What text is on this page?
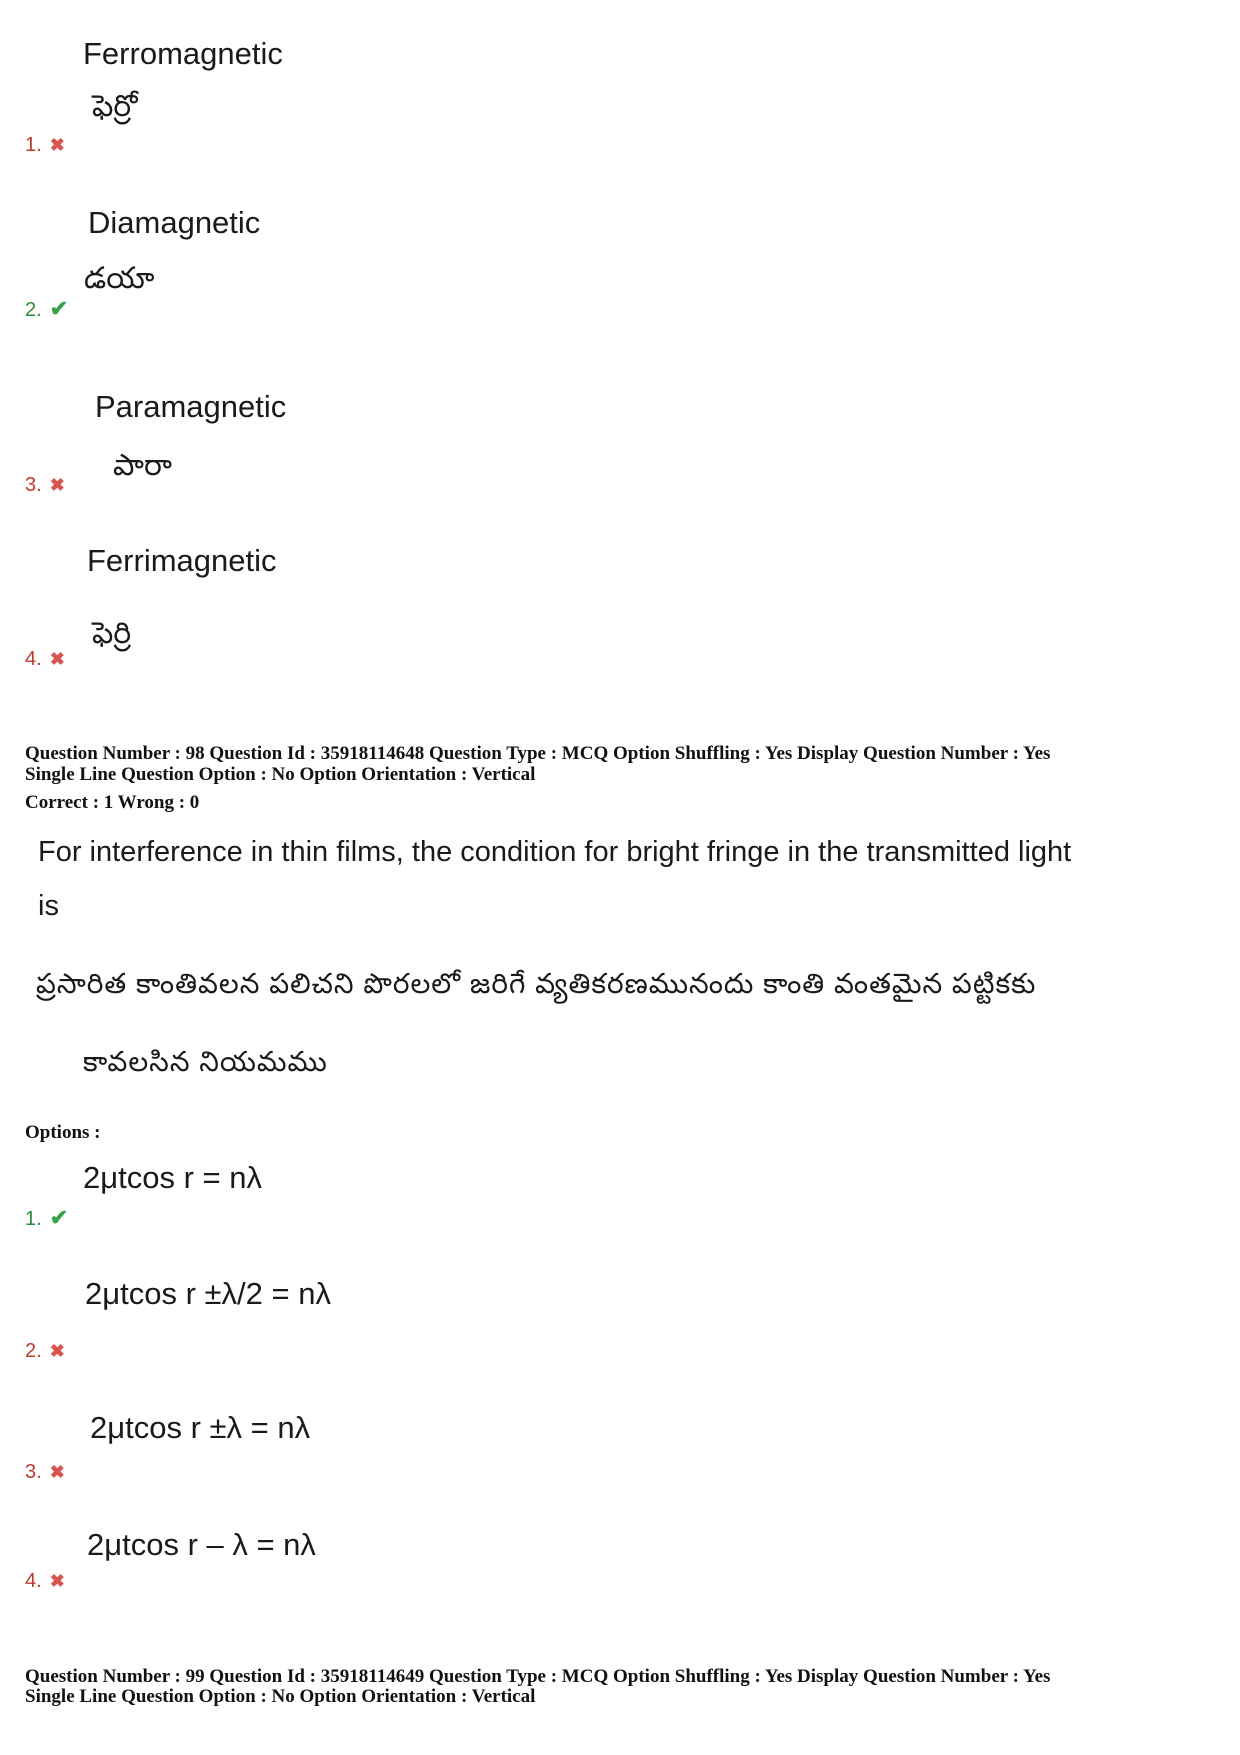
Ferromagnetic
ఫెర్రో
1. ✖
Diamagnetic
డయా
2. ✔
Paramagnetic
పారా
3. ✖
Ferrimagnetic
ఫెర్రి
4. ✖
Question Number : 98 Question Id : 35918114648 Question Type : MCQ Option Shuffling : Yes Display Question Number : Yes
Single Line Question Option : No Option Orientation : Vertical
Correct : 1 Wrong : 0
For interference in thin films, the condition for bright fringe in the transmitted light
is
ప్రసారిత కాంతివలన పలిచని పొరలలో జరిగే వ్యతికరణమునందు కాంతి వంతమైన పట్టికకు
కావలసిన నియమము
Options :
2μtcos r = nλ
1. ✔
2μtcos r ±λ/2 = nλ
2. ✖
2μtcos r ±λ = nλ
3. ✖
2μtcos r – λ = nλ
4. ✖
Question Number : 99 Question Id : 35918114649 Question Type : MCQ Option Shuffling : Yes Display Question Number : Yes
Single Line Question Option : No Option Orientation : Vertical
